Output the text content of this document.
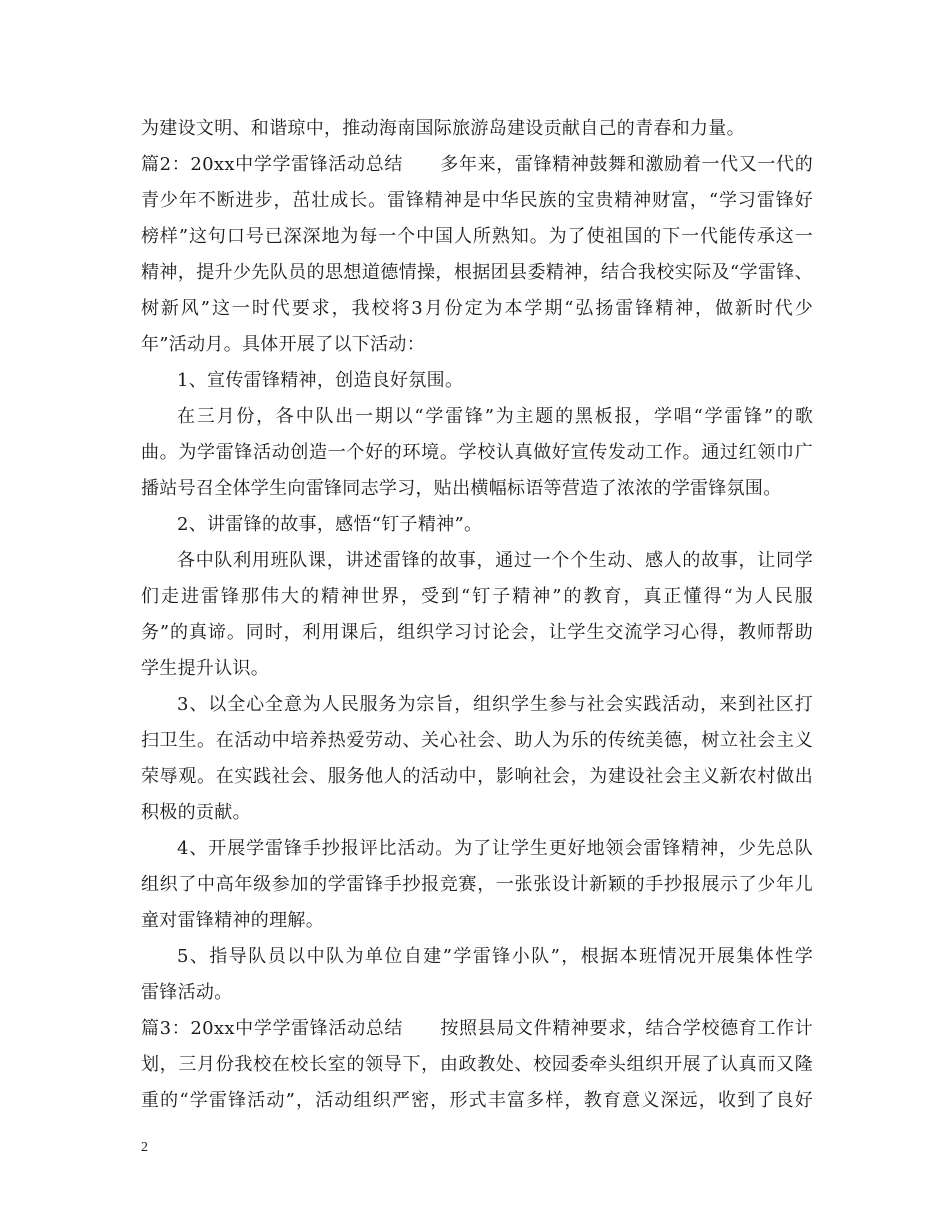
为建设文明、和谐琼中，推动海南国际旅游岛建设贡献自己的青春和力量。
篇2：20xx中学学雷锋活动总结　　多年来，雷锋精神鼓舞和激励着一代又一代的
青少年不断进步，茁壮成长。雷锋精神是中华民族的宝贵精神财富，“学习雷锋好
榜样”这句口号已深深地为每一个中国人所熟知。为了使祖国的下一代能传承这一
精神，提升少先队员的思想道德情操，根据团县委精神，结合我校实际及“学雷锋、
树新风”这一时代要求，我校将3月份定为本学期“弘扬雷锋精神，做新时代少
年”活动月。具体开展了以下活动：
1、宣传雷锋精神，创造良好氛围。
在三月份，各中队出一期以“学雷锋”为主题的黑板报，学唱“学雷锋”的歌
曲。为学雷锋活动创造一个好的环境。学校认真做好宣传发动工作。通过红领巾广
播站号召全体学生向雷锋同志学习，贴出横幅标语等营造了浓浓的学雷锋氛围。
2、讲雷锋的故事，感悟“钉子精神”。
各中队利用班队课，讲述雷锋的故事，通过一个个生动、感人的故事，让同学
们走进雷锋那伟大的精神世界，受到“钉子精神”的教育，真正懂得“为人民服
务”的真谛。同时，利用课后，组织学习讨论会，让学生交流学习心得，教师帮助
学生提升认识。
3、以全心全意为人民服务为宗旨，组织学生参与社会实践活动，来到社区打
扫卫生。在活动中培养热爱劳动、关心社会、助人为乐的传统美德，树立社会主义
荣辱观。在实践社会、服务他人的活动中，影响社会，为建设社会主义新农村做出
积极的贡献。
4、开展学雷锋手抄报评比活动。为了让学生更好地领会雷锋精神，少先总队
组织了中高年级参加的学雷锋手抄报竞赛，一张张设计新颖的手抄报展示了少年儿
童对雷锋精神的理解。
5、指导队员以中队为单位自建”学雷锋小队”，根据本班情况开展集体性学
雷锋活动。
篇3：20xx中学学雷锋活动总结　　按照县局文件精神要求，结合学校德育工作计
划，三月份我校在校长室的领导下，由政教处、校园委牵头组织开展了认真而又隆
重的“学雷锋活动”，活动组织严密，形式丰富多样，教育意义深远，收到了良好
2
